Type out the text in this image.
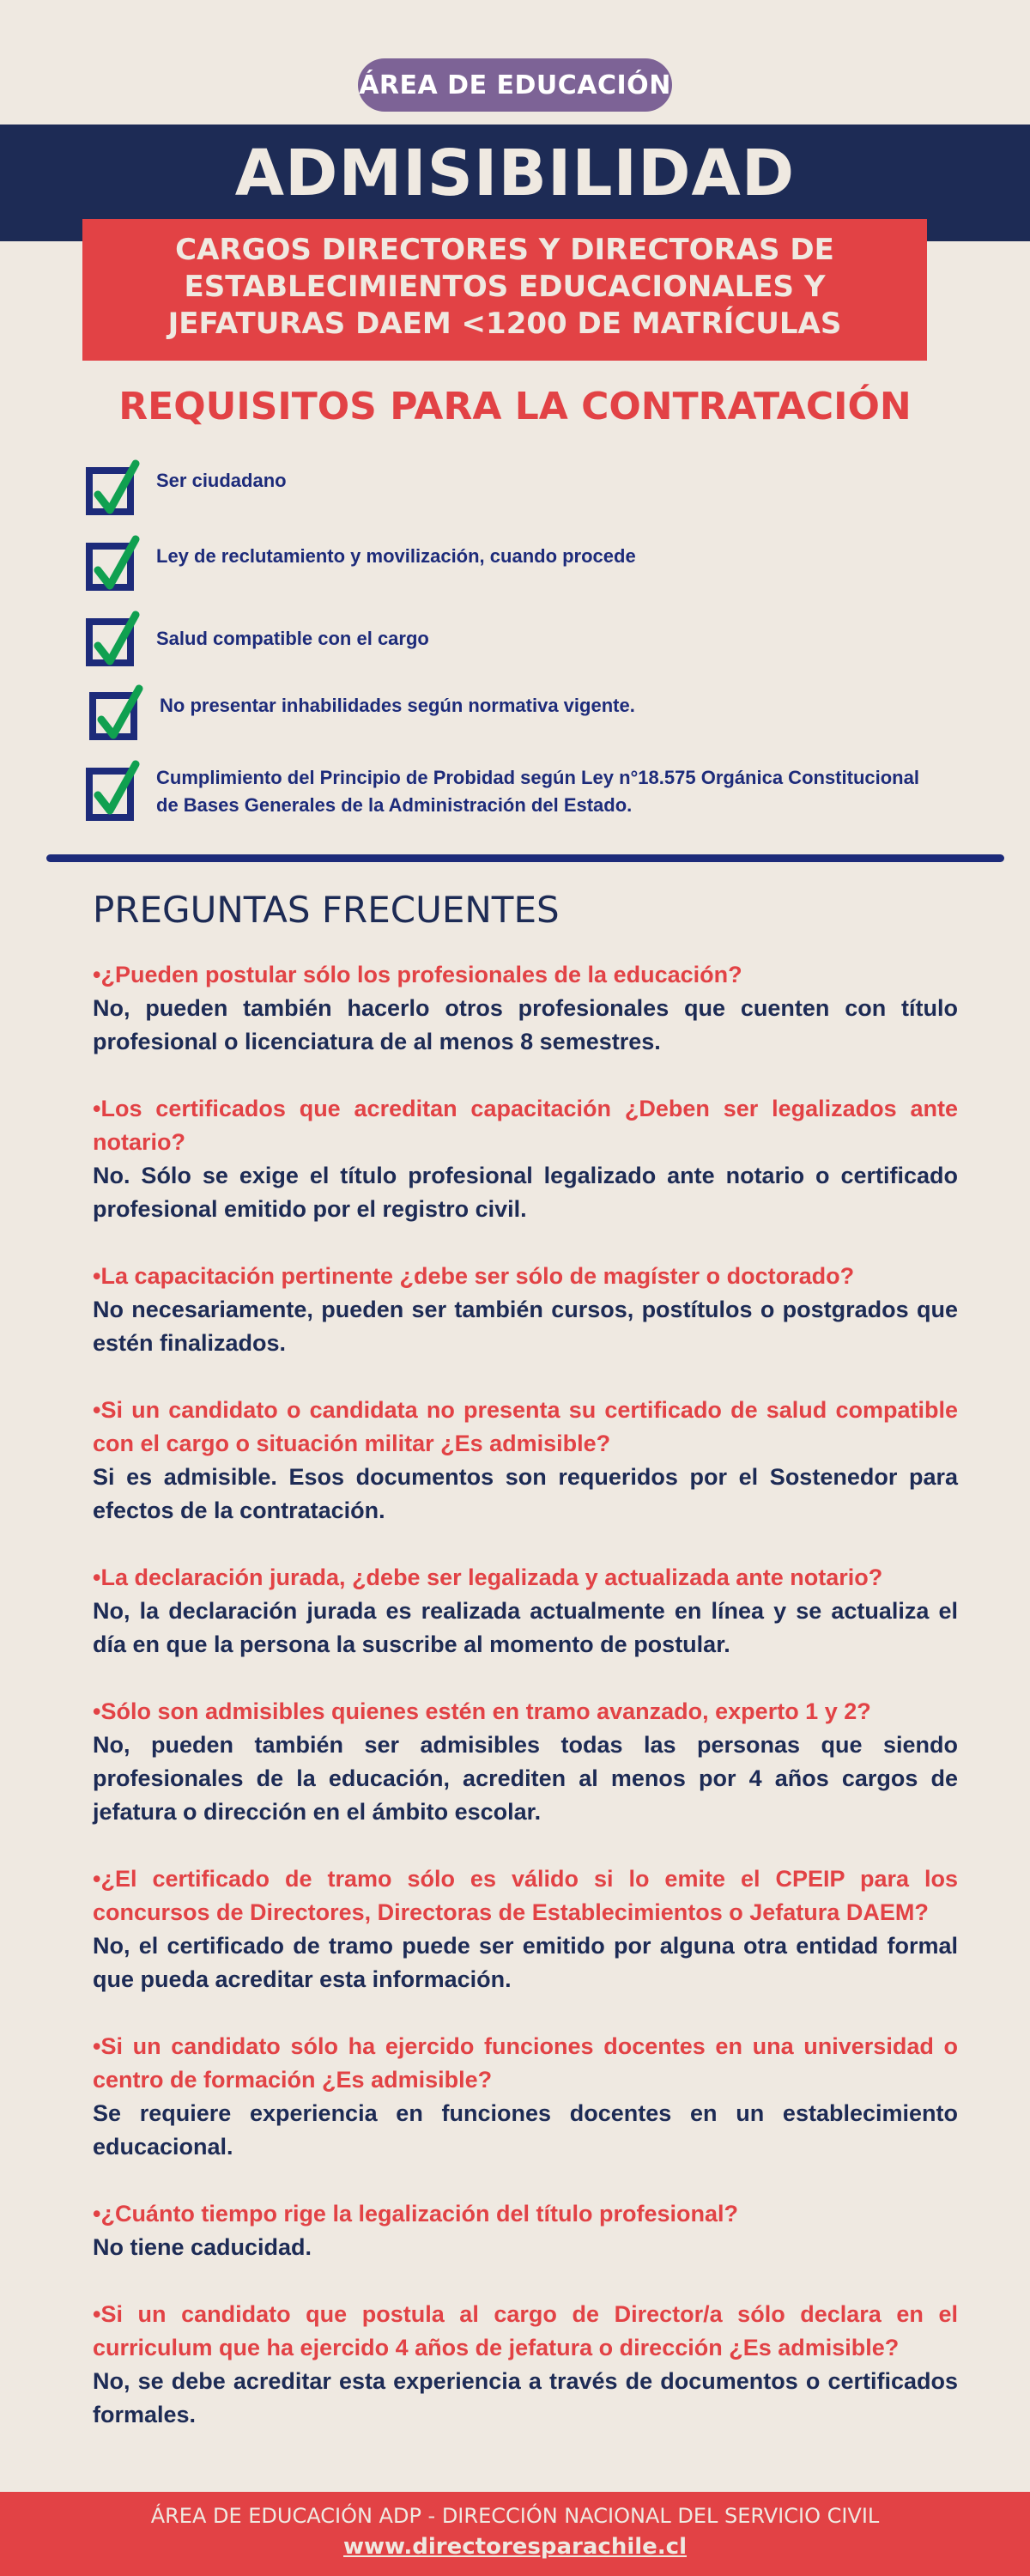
ÁREA DE EDUCACIÓN
ADMISIBILIDAD
CARGOS DIRECTORES Y DIRECTORAS DE
ESTABLECIMIENTOS EDUCACIONALES Y
JEFATURAS DAEM <1200 DE MATRÍCULAS
REQUISITOS PARA LA CONTRATACIÓN
Ser ciudadano
Ley de reclutamiento y movilización, cuando procede
Salud compatible con el cargo
No presentar inhabilidades según normativa vigente.
Cumplimiento del Principio de Probidad según Ley n°18.575 Orgánica Constitucional de Bases Generales de la Administración del Estado.
PREGUNTAS FRECUENTES

•¿Pueden postular sólo los profesionales de la educación?

No, pueden también hacerlo otros profesionales que cuenten con título profesional o licenciatura de al menos 8 semestres.

•Los certificados que acreditan capacitación ¿Deben ser legalizados ante notario?

No. Sólo se exige el título profesional legalizado ante notario o certificado profesional emitido por el registro civil.

•La capacitación pertinente ¿debe ser sólo de magíster o doctorado?

No necesariamente, pueden ser también cursos, postítulos o postgrados que estén finalizados.

•Si un candidato o candidata no presenta su certificado de salud compatible con el cargo o situación militar ¿Es admisible?

Si es admisible. Esos documentos son requeridos por el Sostenedor para efectos de la contratación.

•La declaración jurada, ¿debe ser legalizada y actualizada ante notario?

No, la declaración jurada es realizada actualmente en línea y se actualiza el día en que la persona la suscribe al momento de postular.

•Sólo son admisibles quienes estén en tramo avanzado, experto 1 y 2?

No, pueden también ser admisibles todas las personas que siendo profesionales de la educación, acrediten al menos por 4 años cargos de jefatura o dirección en el ámbito escolar.

•¿El certificado de tramo sólo es válido si lo emite el CPEIP para los concursos de Directores, Directoras de Establecimientos o Jefatura DAEM?

No, el certificado de tramo puede ser emitido por alguna otra entidad formal que pueda acreditar esta información.

•Si un candidato sólo ha ejercido funciones docentes en una universidad o centro de formación ¿Es admisible?

Se requiere experiencia en funciones docentes en un establecimiento educacional.

•¿Cuánto tiempo rige la legalización del título profesional?

No tiene caducidad.

•Si un candidato que postula al cargo de Director/a sólo declara en el curriculum que ha ejercido 4 años de jefatura o dirección ¿Es admisible?

No, se debe acreditar esta experiencia a través de documentos o certificados formales.

ÁREA DE EDUCACIÓN ADP - DIRECCIÓN NACIONAL DEL SERVICIO CIVIL
www.directoresparachile.cl
